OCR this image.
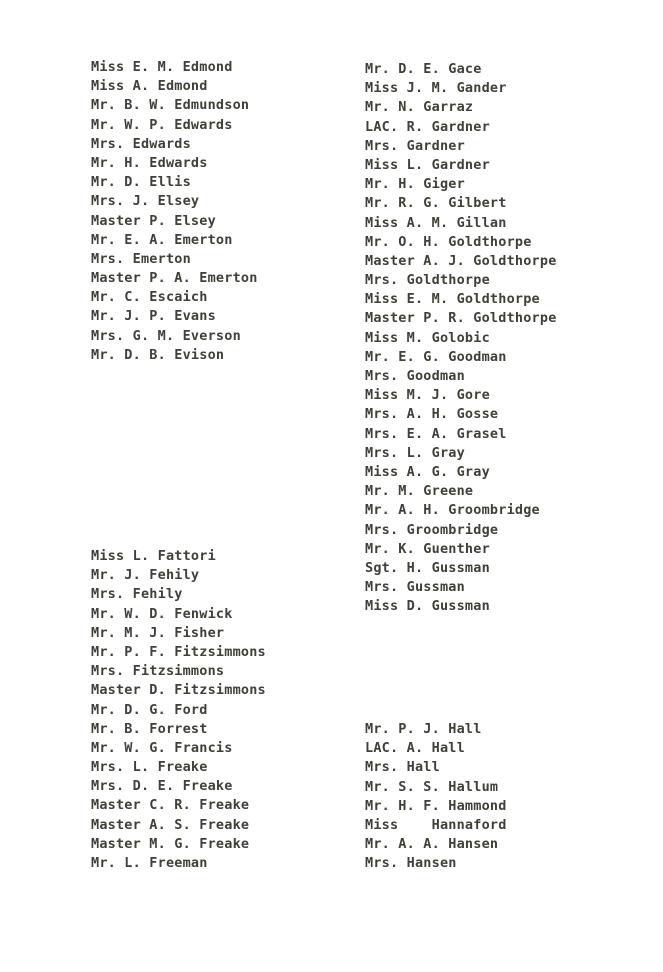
Miss E. M. Edmond
Miss A. Edmond
Mr. B. W. Edmundson
Mr. W. P. Edwards
Mrs. Edwards
Mr. H. Edwards
Mr. D. Ellis
Mrs. J. Elsey
Master P. Elsey
Mr. E. A. Emerton
Mrs. Emerton
Master P. A. Emerton
Mr. C. Escaich
Mr. J. P. Evans
Mrs. G. M. Everson
Mr. D. B. Evison
Miss L. Fattori
Mr. J. Fehily
Mrs. Fehily
Mr. W. D. Fenwick
Mr. M. J. Fisher
Mr. P. F. Fitzsimmons
Mrs. Fitzsimmons
Master D. Fitzsimmons
Mr. D. G. Ford
Mr. B. Forrest
Mr. W. G. Francis
Mrs. L. Freake
Mrs. D. E. Freake
Master C. R. Freake
Master A. S. Freake
Master M. G. Freake
Mr. L. Freeman
Mr. D. E. Gace
Miss J. M. Gander
Mr. N. Garraz
LAC. R. Gardner
Mrs. Gardner
Miss L. Gardner
Mr. H. Giger
Mr. R. G. Gilbert
Miss A. M. Gillan
Mr. O. H. Goldthorpe
Master A. J. Goldthorpe
Mrs. Goldthorpe
Miss E. M. Goldthorpe
Master P. R. Goldthorpe
Miss M. Golobic
Mr. E. G. Goodman
Mrs. Goodman
Miss M. J. Gore
Mrs. A. H. Gosse
Mrs. E. A. Grasel
Mrs. L. Gray
Miss A. G. Gray
Mr. M. Greene
Mr. A. H. Groombridge
Mrs. Groombridge
Mr. K. Guenther
Sgt. H. Gussman
Mrs. Gussman
Miss D. Gussman
Mr. P. J. Hall
LAC. A. Hall
Mrs. Hall
Mr. S. S. Hallum
Mr. H. F. Hammond
Miss    Hannaford
Mr. A. A. Hansen
Mrs. Hansen
